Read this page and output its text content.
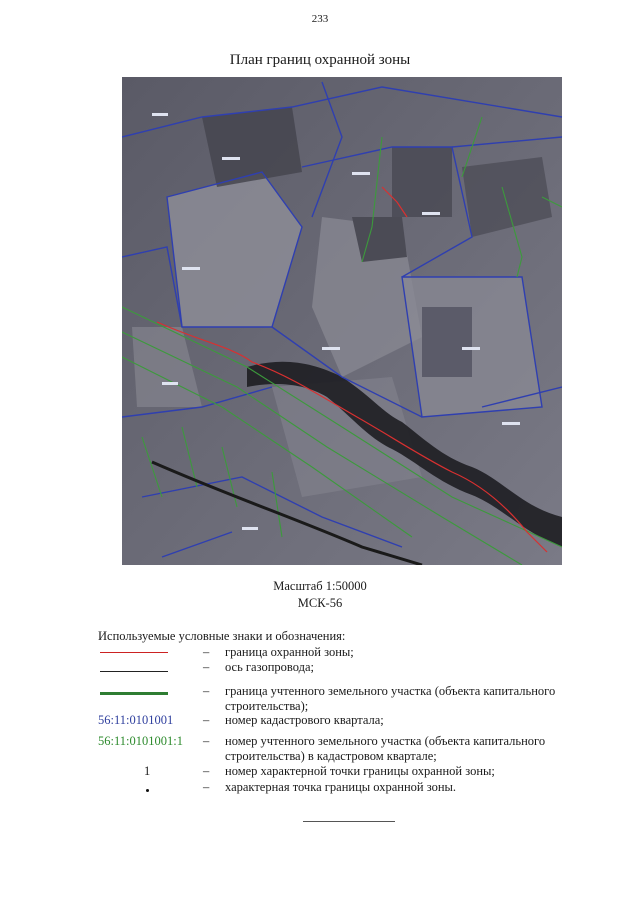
233
План границ охранной зоны
Масштаб 1:50000
МСК-56
Используемые условные знаки и обозначения:
– граница охранной зоны;
– ось газопровода;
– граница учтенного земельного участка (объекта капитального строительства);
56:11:0101001	– номер кадастрового квартала;
56:11:0101001:1	– номер учтенного земельного участка (объекта капитального строительства) в кадастровом квартале;
1	– номер характерной точки границы охранной зоны;
– характерная точка границы охранной зоны.
